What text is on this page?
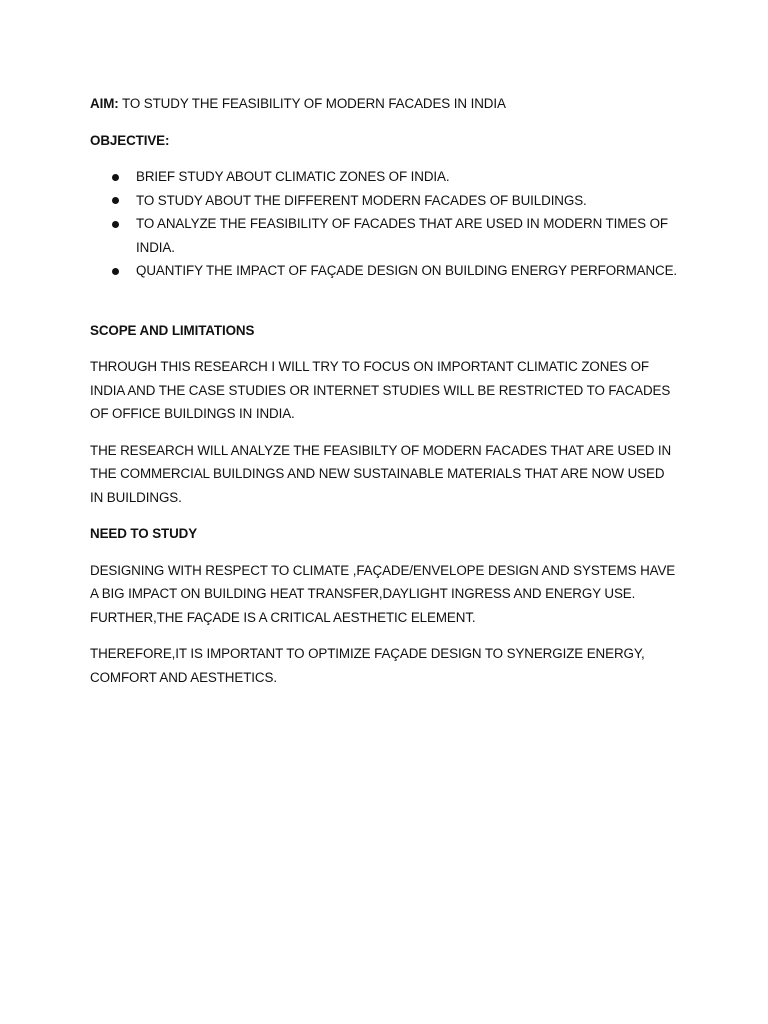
AIM: TO STUDY THE FEASIBILITY OF MODERN FACADES IN INDIA

OBJECTIVE:

BRIEF STUDY ABOUT CLIMATIC ZONES OF INDIA.
TO STUDY ABOUT THE DIFFERENT MODERN FACADES OF BUILDINGS.
TO ANALYZE THE FEASIBILITY OF FACADES THAT ARE USED IN MODERN TIMES OF INDIA.
QUANTIFY THE IMPACT OF FAÇADE DESIGN ON BUILDING ENERGY PERFORMANCE.

SCOPE AND LIMITATIONS

THROUGH THIS RESEARCH I WILL TRY TO FOCUS ON IMPORTANT CLIMATIC ZONES OF INDIA AND THE CASE STUDIES OR INTERNET STUDIES WILL BE RESTRICTED TO FACADES OF OFFICE BUILDINGS IN INDIA.

THE RESEARCH WILL ANALYZE THE FEASIBILTY OF MODERN FACADES THAT ARE USED IN THE COMMERCIAL BUILDINGS AND NEW SUSTAINABLE MATERIALS THAT ARE NOW USED IN BUILDINGS.

NEED TO STUDY

DESIGNING WITH RESPECT TO CLIMATE ,FAÇADE/ENVELOPE DESIGN AND SYSTEMS HAVE A BIG IMPACT ON BUILDING HEAT TRANSFER,DAYLIGHT INGRESS AND ENERGY USE. FURTHER,THE FAÇADE IS A CRITICAL AESTHETIC ELEMENT.

THEREFORE,IT IS IMPORTANT TO OPTIMIZE FAÇADE DESIGN TO SYNERGIZE ENERGY, COMFORT AND AESTHETICS.
